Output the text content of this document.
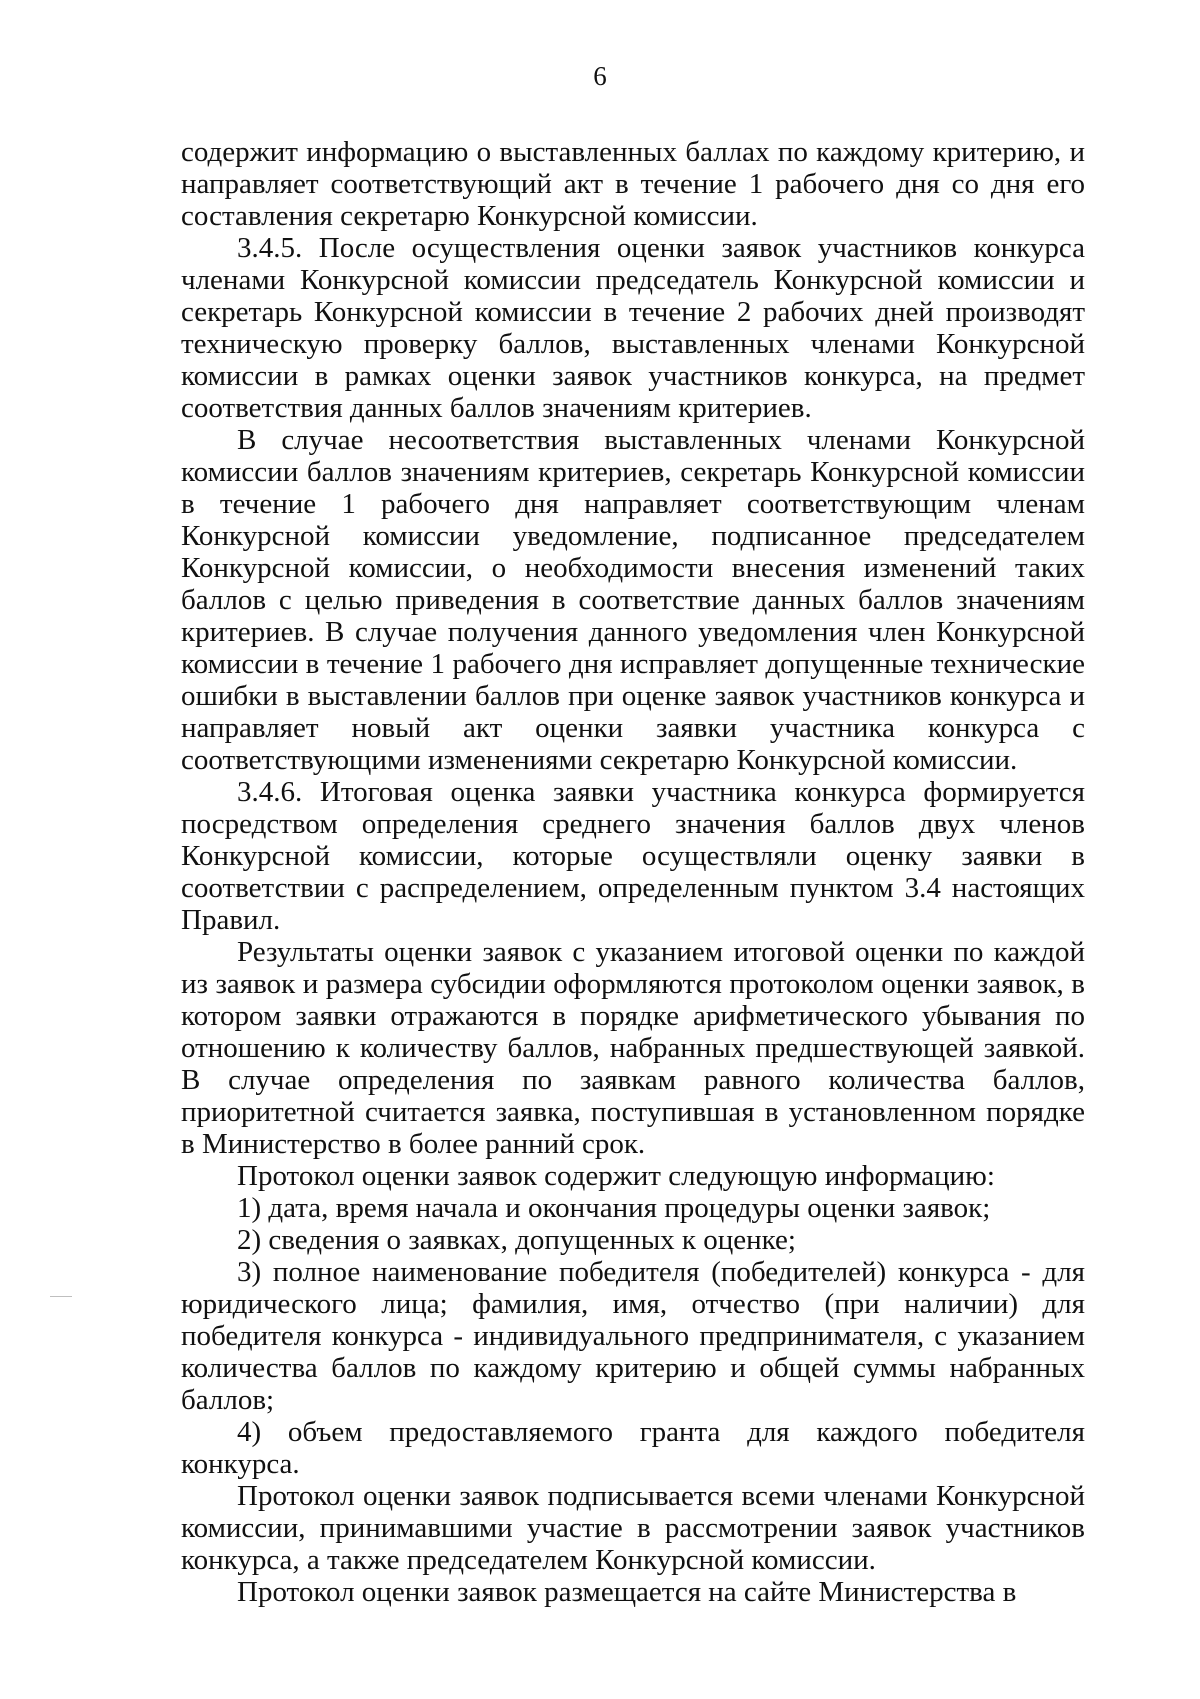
6

содержит информацию о выставленных баллах по каждому критерию, и направляет соответствующий акт в течение 1 рабочего дня со дня его составления секретарю Конкурсной комиссии.

3.4.5. После осуществления оценки заявок участников конкурса членами Конкурсной комиссии председатель Конкурсной комиссии и секретарь Конкурсной комиссии в течение 2 рабочих дней производят техническую проверку баллов, выставленных членами Конкурсной комиссии в рамках оценки заявок участников конкурса, на предмет соответствия данных баллов значениям критериев.

В случае несоответствия выставленных членами Конкурсной комиссии баллов значениям критериев, секретарь Конкурсной комиссии в течение 1 рабочего дня направляет соответствующим членам Конкурсной комиссии уведомление, подписанное председателем Конкурсной комиссии, о необходимости внесения изменений таких баллов с целью приведения в соответствие данных баллов значениям критериев. В случае получения данного уведомления член Конкурсной комиссии в течение 1 рабочего дня исправляет допущенные технические ошибки в выставлении баллов при оценке заявок участников конкурса и направляет новый акт оценки заявки участника конкурса с соответствующими изменениями секретарю Конкурсной комиссии.

3.4.6. Итоговая оценка заявки участника конкурса формируется посредством определения среднего значения баллов двух членов Конкурсной комиссии, которые осуществляли оценку заявки в соответствии с распределением, определенным пунктом 3.4 настоящих Правил.

Результаты оценки заявок с указанием итоговой оценки по каждой из заявок и размера субсидии оформляются протоколом оценки заявок, в котором заявки отражаются в порядке арифметического убывания по отношению к количеству баллов, набранных предшествующей заявкой. В случае определения по заявкам равного количества баллов, приоритетной считается заявка, поступившая в установленном порядке в Министерство в более ранний срок.

Протокол оценки заявок содержит следующую информацию:

1) дата, время начала и окончания процедуры оценки заявок;

2) сведения о заявках, допущенных к оценке;

3) полное наименование победителя (победителей) конкурса - для юридического лица; фамилия, имя, отчество (при наличии) для победителя конкурса - индивидуального предпринимателя, с указанием количества баллов по каждому критерию и общей суммы набранных баллов;

4) объем предоставляемого гранта для каждого победителя конкурса.

Протокол оценки заявок подписывается всеми членами Конкурсной комиссии, принимавшими участие в рассмотрении заявок участников конкурса, а также председателем Конкурсной комиссии.

Протокол оценки заявок размещается на сайте Министерства в
